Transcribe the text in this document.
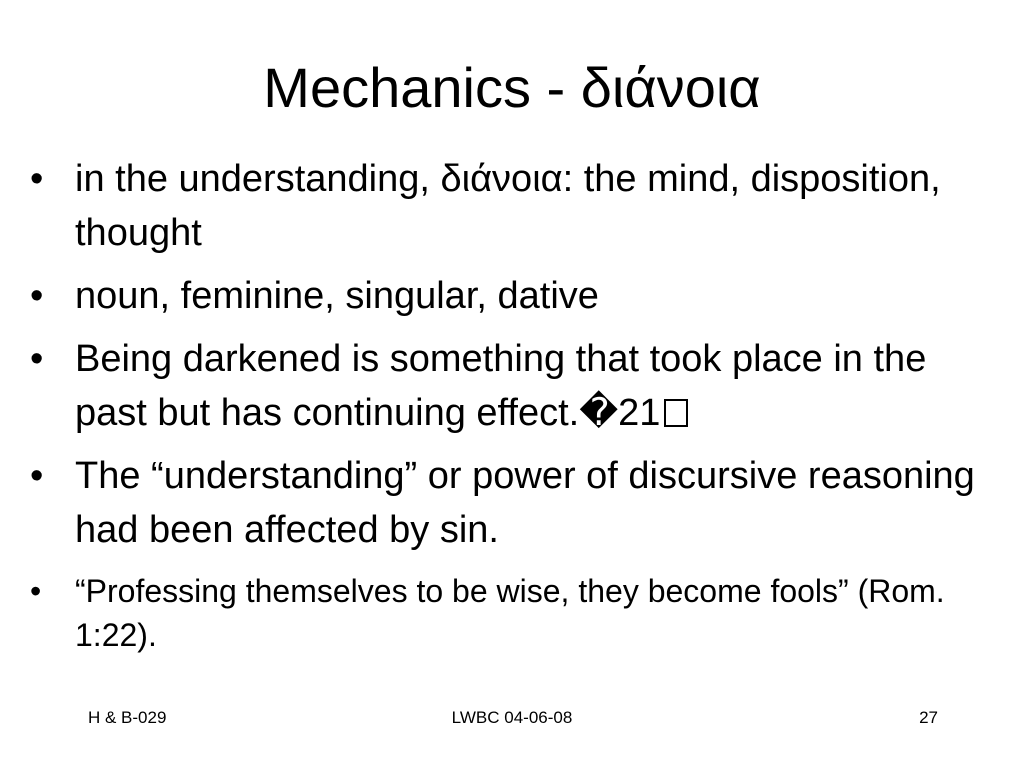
Mechanics - διάνοια
• in the understanding, διάνοια: the mind, disposition, thought
• noun, feminine, singular, dative
• Being darkened is something that took place in the past but has continuing effect.�21
• The “understanding” or power of discursive reasoning had been affected by sin.
•	“Professing themselves to be wise, they become fools” (Rom. 1:22).
H & B-029	LWBC 04-06-08	27
